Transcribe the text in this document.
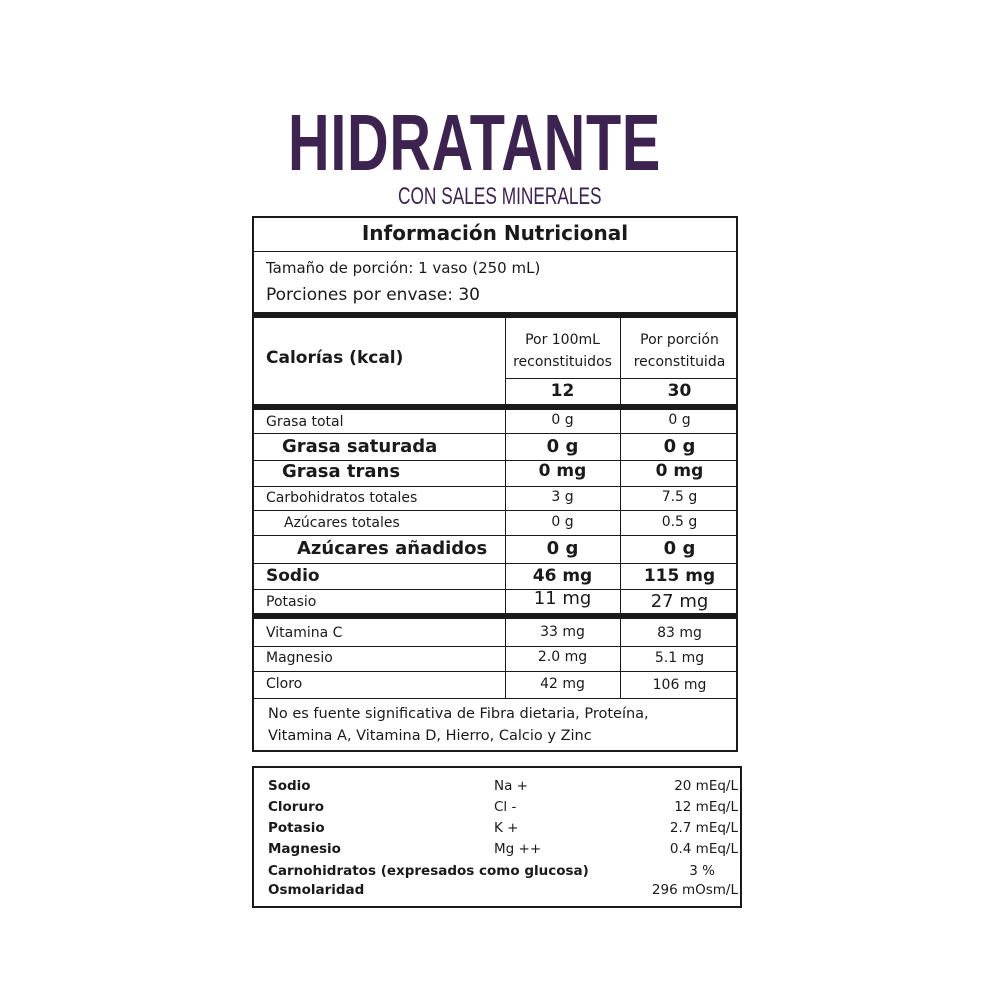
HIDRATANTE
CON SALES MINERALES
Información Nutricional
Tamaño de porción: 1 vaso (250 mL)
Porciones por envase: 30
Calorías (kcal)
Por 100mL
reconstituidos
Por porción
reconstituida
12	30
Grasa total	0 g	0 g
Grasa saturada	0 g	0 g
Grasa trans	0 mg	0 mg
Carbohidratos totales	3 g	7.5 g
Azúcares totales	0 g	0.5 g
Azúcares añadidos	0 g	0 g
Sodio	46 mg	115 mg
Potasio	11 mg	27 mg
Vitamina C	33 mg	83 mg
Magnesio	2.0 mg	5.1 mg
Cloro	42 mg	106 mg
No es fuente significativa de Fibra dietaria, Proteína,
Vitamina A, Vitamina D, Hierro, Calcio y Zinc
Sodio	Na +	20 mEq/L
Cloruro	Cl -	12 mEq/L
Potasio	K +	2.7 mEq/L
Magnesio	Mg ++	0.4 mEq/L
Carnohidratos (expresados como glucosa)	3 %
Osmolaridad	296 mOsm/L
